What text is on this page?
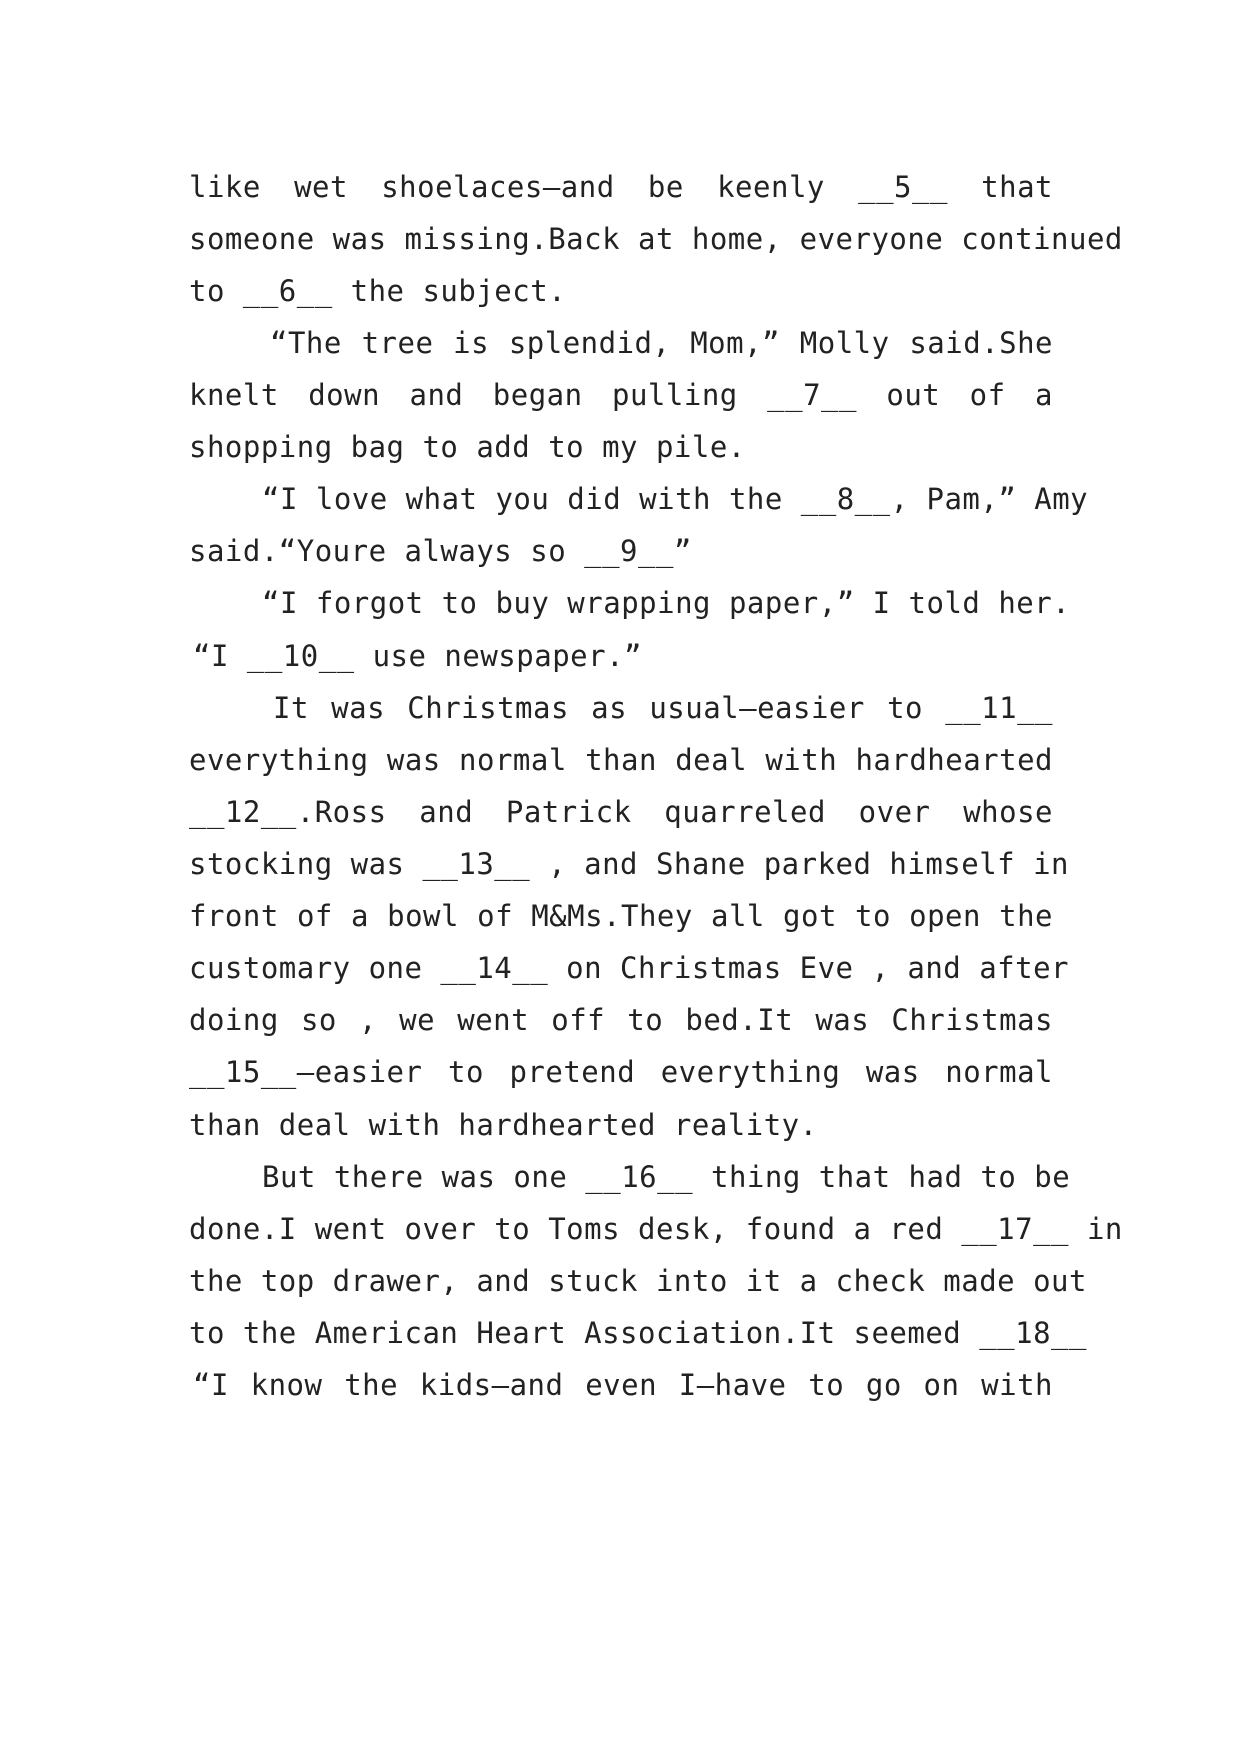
like wet shoelaces—and be keenly __5__ that
someone was missing.Back at home, everyone continued
to __6__ the subject.
“The tree is splendid, Mom,” Molly said.She
knelt down and began pulling __7__ out of a
shopping bag to add to my pile.
“I love what you did with the __8__, Pam,” Amy
said.“Youre always so __9__”
“I forgot to buy wrapping paper,” I told her.
“I __10__ use newspaper.”
It was Christmas as usual—easier to __11__
everything was normal than deal with hardhearted
__12__.Ross and Patrick quarreled over whose
stocking was __13__ , and Shane parked himself in
front of a bowl of M&Ms.They all got to open the
customary one __14__ on Christmas Eve , and after
doing so , we went off to bed.It was Christmas
__15__—easier to pretend everything was normal
than deal with hardhearted reality.
But there was one __16__ thing that had to be
done.I went over to Toms desk, found a red __17__ in
the top drawer, and stuck into it a check made out
to the American Heart Association.It seemed __18__
“I know the kids—and even I—have to go on with
